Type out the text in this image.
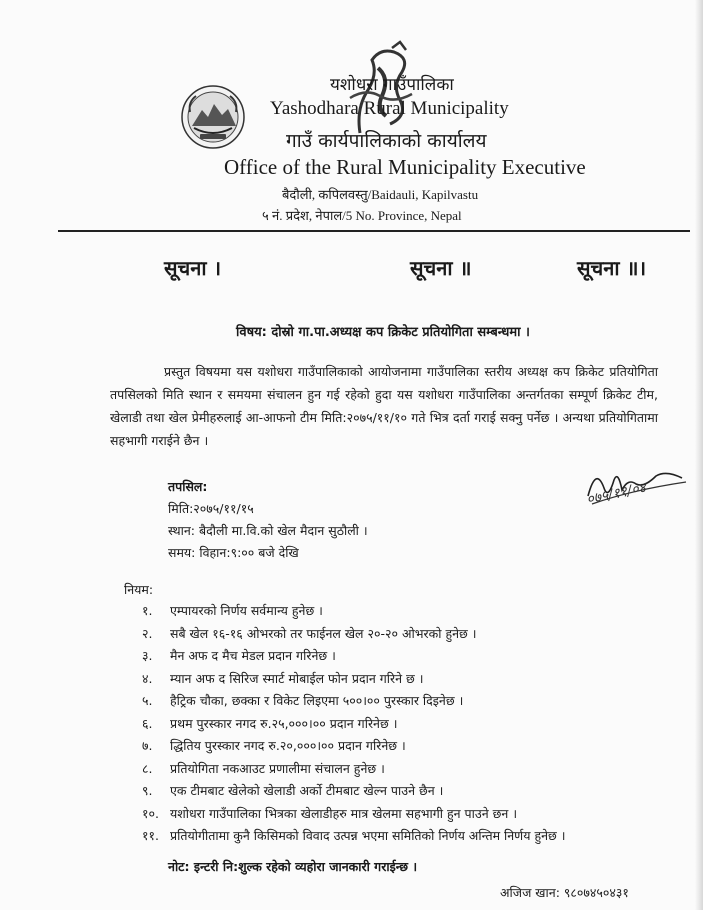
यशोधरा गाउँपालिका
Yashodhara Rural Municipality
गाउँ कार्यपालिकाको कार्यालय
Office of the Rural Municipality Executive
बैदौली, कपिलवस्तु/Baidauli, Kapilvastu
५ नं. प्रदेश, नेपाल/5 No. Province, Nepal
सूचना ।	सूचना ॥	सूचना ॥।
विषय: दोस्रो गा.पा.अध्यक्ष कप क्रिकेट प्रतियोगिता सम्बन्धमा ।
प्रस्तुत विषयमा यस यशोधरा गाउँपालिकाको आयोजनामा गाउँपालिका स्तरीय अध्यक्ष कप क्रिकेट प्रतियोगिता तपसिलको मिति स्थान र समयमा संचालन हुन गई रहेको हुदा यस यशोधरा गाउँपालिका अन्तर्गतका सम्पूर्ण क्रिकेट टीम, खेलाडी तथा खेल प्रेमीहरुलाई आ-आफनो टीम मिति:२०७५/११/१० गते भित्र दर्ता गराई सक्नु पर्नेछ । अन्यथा प्रतियोगितामा सहभागी गराईने छैन ।
तपसिल:
मिति:२०७५/११/१५
स्थान: बैदौली मा.वि.को खेल मैदान सुठौली ।
समय: विहान:९:०० बजे देखि
०७५/११/०४
नियम:
१. एम्पायरको निर्णय सर्वमान्य हुनेछ ।
२. सबै खेल १६-१६ ओभरको तर फाईनल खेल २०-२० ओभरको हुनेछ ।
३. मैन अफ द मैच मेडल प्रदान गरिनेछ ।
४. म्यान अफ द सिरिज स्मार्ट मोबाईल फोन प्रदान गरिने छ ।
५. हैट्रिक चौका, छक्का र विकेट लिइएमा ५००।०० पुरस्कार दिइनेछ ।
६. प्रथम पुरस्कार नगद रु.२५,०००।०० प्रदान गरिनेछ ।
७. द्धितिय पुरस्कार नगद रु.२०,०००।०० प्रदान गरिनेछ ।
८. प्रतियोगिता नकआउट प्रणालीमा संचालन हुनेछ ।
९. एक टीमबाट खेलेको खेलाडी अर्को टीमबाट खेल्न पाउने छैन ।
१०. यशोधरा गाउँपालिका भित्रका खेलाडीहरु मात्र खेलमा सहभागी हुन पाउने छन ।
११. प्रतियोगीतामा कुनै किसिमको विवाद उत्पन्न भएमा समितिको निर्णय अन्तिम निर्णय हुनेछ ।
नोट: इन्टरी नि:शुल्क रहेको व्यहोरा जानकारी गराईन्छ ।
अजिज खान: ९८०७४५०४३१
